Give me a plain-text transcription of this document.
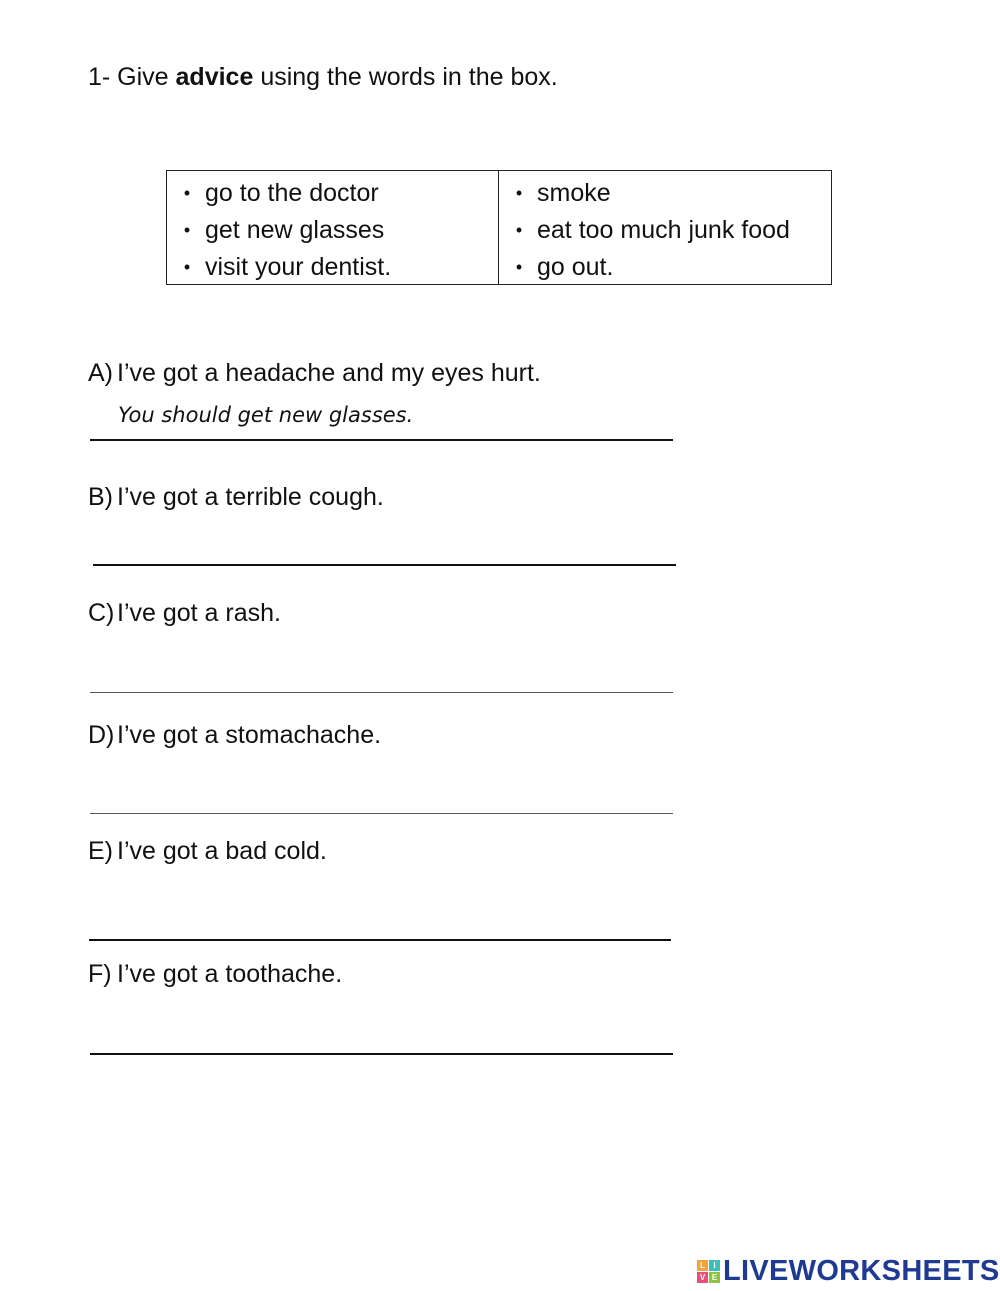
1- Give advice using the words in the box.
• go to the doctor
• get new glasses
• visit your dentist.
• smoke
• eat too much junk food
• go out.
A) I’ve got a headache and my eyes hurt.
You should get new glasses.
B) I’ve got a terrible cough.
C) I’ve got a rash.
D) I’ve got a stomachache.
E) I’ve got a bad cold.
F) I’ve got a toothache.
L	I
V E LIVEWORKSHEETS
